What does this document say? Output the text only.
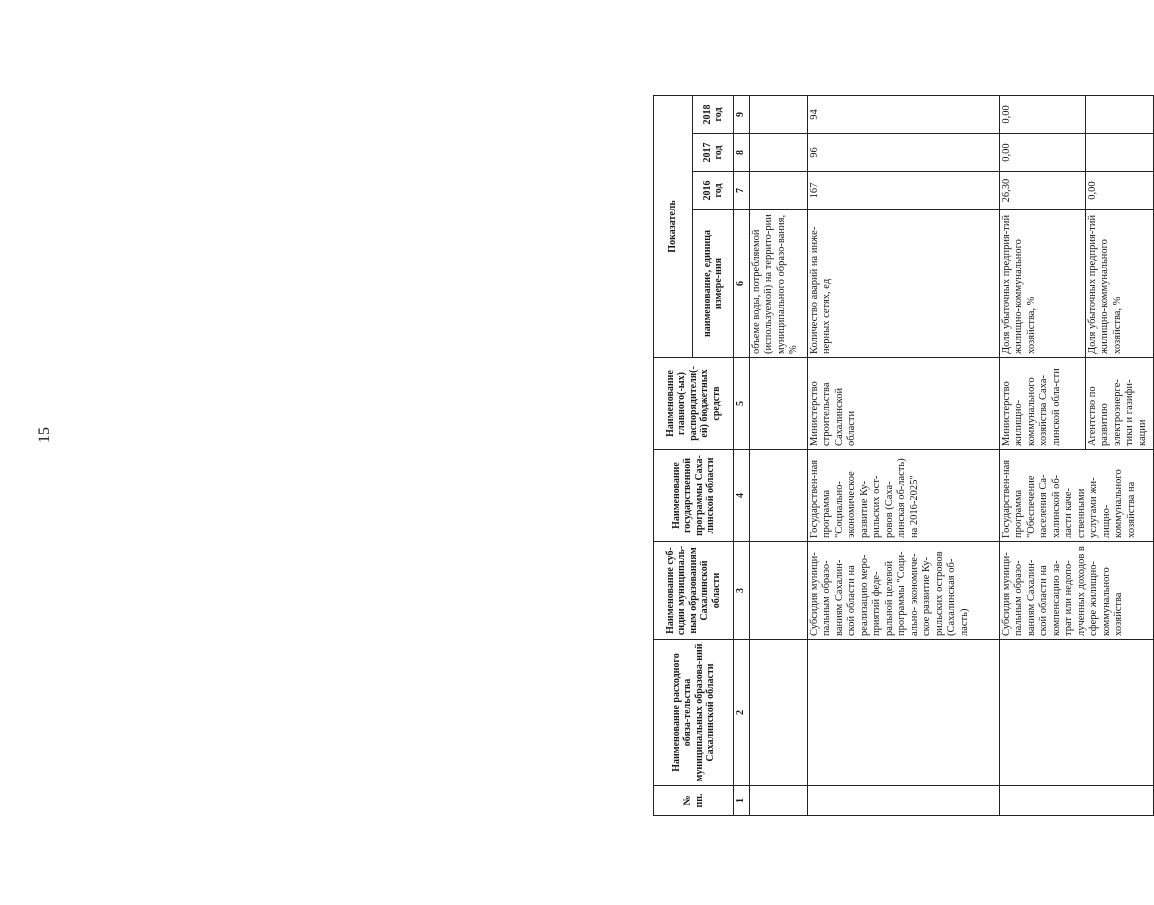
15
№ пп.	Наименование расходного обяза-тельства муниципальных образова-ний Сахалинской области	Наименование суб-сидии муниципаль-ным образованиям Сахалинской области	Наименование государственной программы Саха-линской области	Наименование главного(-ых) распорядителя(-ей) бюджетных средств	Показатель			
					наименование, единица измере-ния	2016 год	2017 год	2018 год
1	2	3	4	5	6	7	8	9
					объеме воды, потребляемой (используемой) на террито-рии муниципального образо-вания, %			
		Субсидия муници-пальным образо-ваниям Сахалин-ской области на реализацию меро-приятий феде-ральной целевой программы "Соци-ально- экономиче-ское развитие Ку-рильских островов (Сахалинская об-ласть)	Государствен-ная программа "Социально-экономическое развитие Ку-рильских ост-ровов (Саха-линская об-ласть) на 2016-2025"	Министерство строительства Сахалинской области	Количество аварий на инже-нерных сетях, ед	167	96	94
		Субсидия муници-пальным образо-ваниям Сахалин-ской области на компенсацию за-трат или недопо-лученных доходов в сфере жилищно-коммунального хозяйства	Государствен-ная программа "Обеспечение населения Са-халинской об-ласти каче-ственными услугами жи-лищно-коммунального хозяйства на	Министерство жилищно-коммунального хозяйства Саха-линской обла-сти	Доля убыточных предприя-тий жилищно-коммунального хозяйства, %	26,30	0,00	0,00
				Агентство по развитию электроэнерге-тики и газифи-кации	Доля убыточных предприя-тий жилищно-коммунального хозяйства, %	0,00		
